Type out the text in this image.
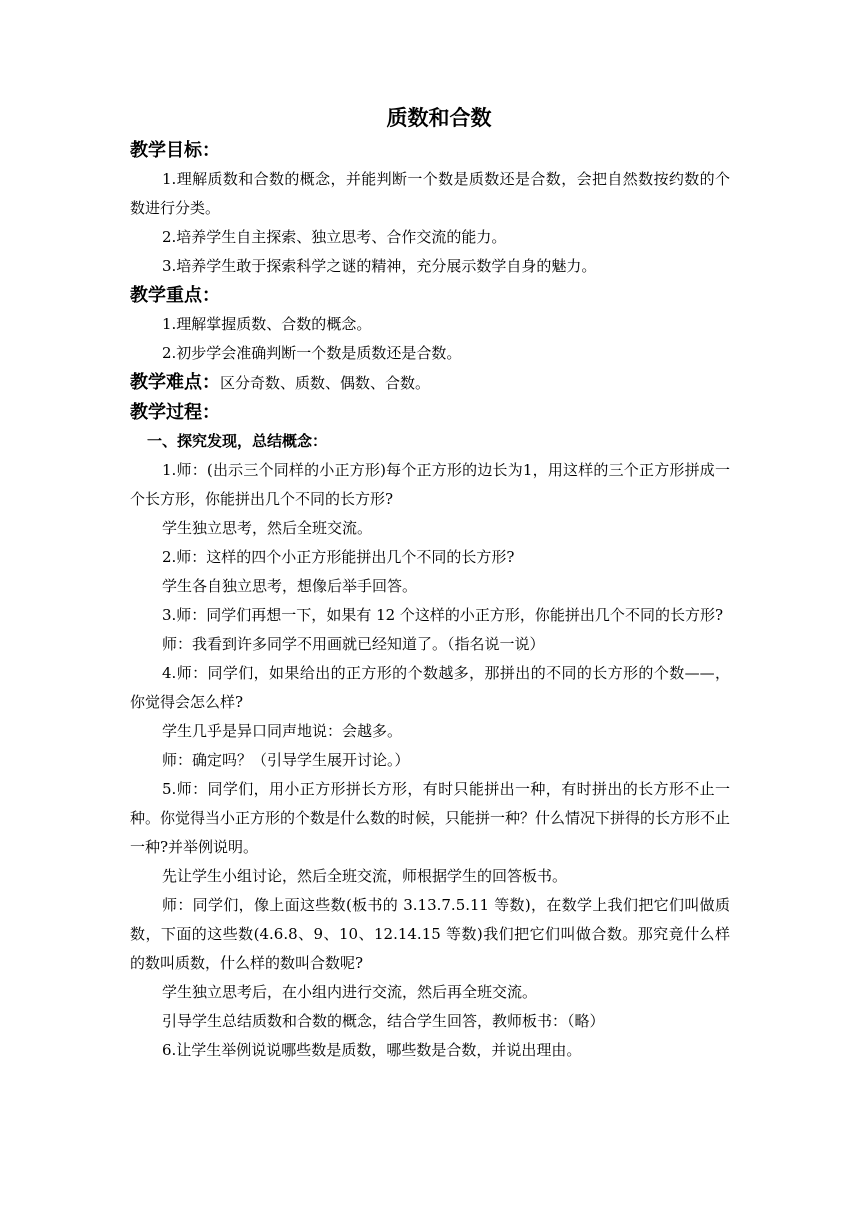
质数和合数
教学目标：

1.理解质数和合数的概念，并能判断一个数是质数还是合数，会把自然数按约数的个数进行分类。

2.培养学生自主探索、独立思考、合作交流的能力。

3.培养学生敢于探索科学之谜的精神，充分展示数学自身的魅力。

教学重点：

1.理解掌握质数、合数的概念。

2.初步学会准确判断一个数是质数还是合数。

教学难点：区分奇数、质数、偶数、合数。
教学过程：
一、探究发现，总结概念：

1.师：(出示三个同样的小正方形)每个正方形的边长为1，用这样的三个正方形拼成一个长方形，你能拼出几个不同的长方形?

学生独立思考，然后全班交流。

2.师：这样的四个小正方形能拼出几个不同的长方形?

学生各自独立思考，想像后举手回答。

3.师：同学们再想一下，如果有 12 个这样的小正方形，你能拼出几个不同的长方形?

师：我看到许多同学不用画就已经知道了。（指名说一说）

4.师：同学们，如果给出的正方形的个数越多，那拼出的不同的长方形的个数——，你觉得会怎么样?

学生几乎是异口同声地说：会越多。

师：确定吗？（引导学生展开讨论。）

5.师：同学们，用小正方形拼长方形，有时只能拼出一种，有时拼出的长方形不止一种。你觉得当小正方形的个数是什么数的时候，只能拼一种？什么情况下拼得的长方形不止一种?并举例说明。

先让学生小组讨论，然后全班交流，师根据学生的回答板书。

师：同学们，像上面这些数(板书的 3.13.7.5.11 等数)，在数学上我们把它们叫做质数，下面的这些数(4.6.8、9、10、12.14.15 等数)我们把它们叫做合数。那究竟什么样的数叫质数，什么样的数叫合数呢?

学生独立思考后，在小组内进行交流，然后再全班交流。

引导学生总结质数和合数的概念，结合学生回答，教师板书：（略）

6.让学生举例说说哪些数是质数，哪些数是合数，并说出理由。
